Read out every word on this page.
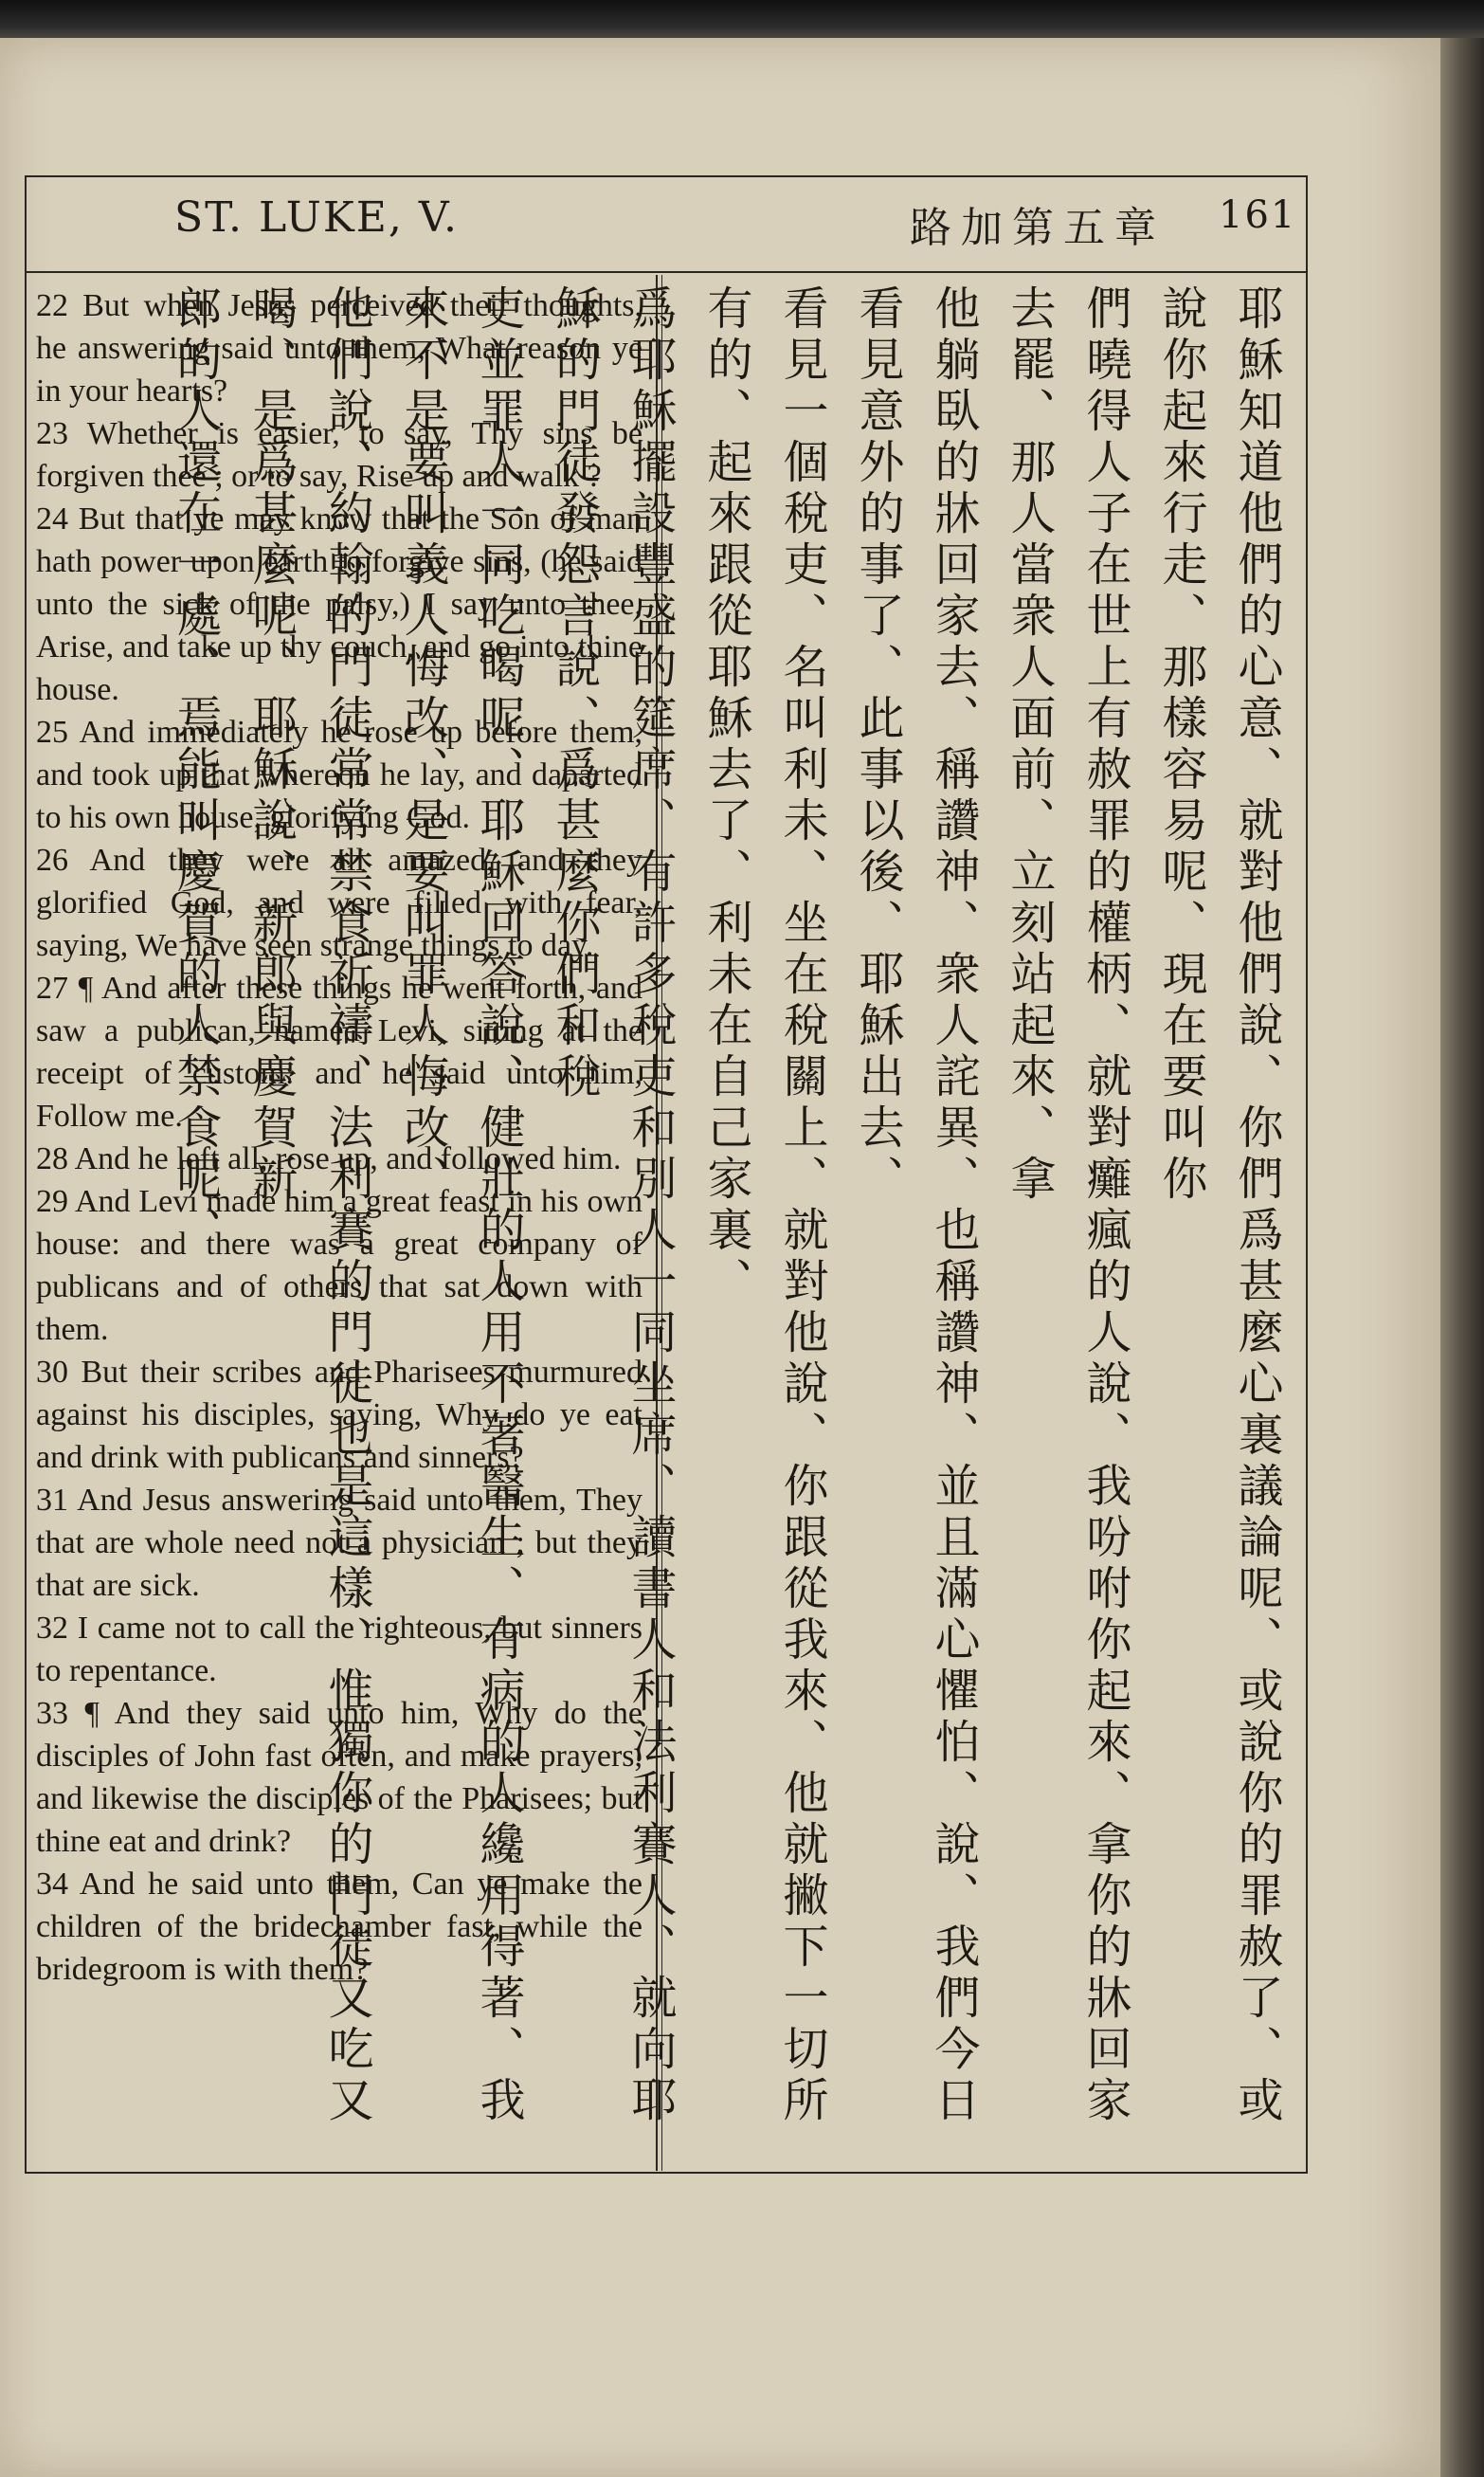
ST. LUKE, V.	路加第五章 161

22 But when Jesus perceived their thoughts, he answering said unto them, What reason ye in your hearts?

23 Whether is easier, to say, Thy sins be forgiven thee ; or to say, Rise up and walk ?

24 But that ye may know that the Son of man hath power upon earth to forgive sins, (he said unto the sick of the palsy,) I say unto thee, Arise, and take up thy couch, and go into thine house.

25 And immediately he rose up before them, and took up that whereon he lay, and daparted to his own house, glorifying God.

26 And they were all amazed, and they glorified God, and were filled with fear, saying, We have seen strange things to day.

27 ¶ And after these things he went forth, and saw a publican, named Levi, sitting at the receipt of custom: and he said unto him, Follow me.

28 And he left all, rose up, and followed him.

29 And Levi made him a great feast in his own house: and there was a great company of publicans and of others that sat down with them.

30 But their scribes and Pharisees murmured against his disciples, saying, Why do ye eat and drink with publicans and sinners?

31 And Jesus answering said unto them, They that are whole need not a physician ; but they that are sick.

32 I came not to call the righteous, but sinners to repentance.

33 ¶ And they said unto him, Why do the disciples of John fast often, and make prayers, and likewise the disciples of the Pharisees; but thine eat and drink?

34 And he said unto them, Can ye make the children of the bridechamber fast, while the bridegroom is with them?	耶穌知道他們的心意、就對他們說、你們爲甚麼心裏議論呢、或說你的罪赦了、或說你起來行走、那樣容易呢、現在要叫你
們曉得人子在世上有赦罪的權柄、就對癱瘋的人說、我吩咐你起來、拿你的牀回家去罷、那人當衆人面前、立刻站起來、拿
他躺臥的牀回家去、稱讚神、衆人詫異、也稱讚神、並且滿心懼怕、說、我們今日看見意外的事了、此事以後、耶穌出去、
看見一個稅吏、名叫利未、坐在稅關上、就對他說、你跟從我來、他就撇下一切所有的、起來跟從耶穌去了、利未在自己家裏、
爲耶穌擺設豐盛的筵席、有許多稅吏和別人一同坐席、讀書人和法利賽人、就向耶穌的門徒發怨言說、爲甚麼你們和稅
吏並罪人一同吃喝呢、耶穌回答說、健壯的人用不著醫生、有病的人纔用得著、我來不是要叫義人悔改、是要叫罪人悔改、
他們說、約翰的門徒常常禁食祈禱、法利賽的門徒也是這樣、惟獨你的門徒又吃又喝、是爲甚麼呢、耶穌說、新郎與慶賀新
郎的人還在一處、焉能叫慶賀的人禁食呢、
